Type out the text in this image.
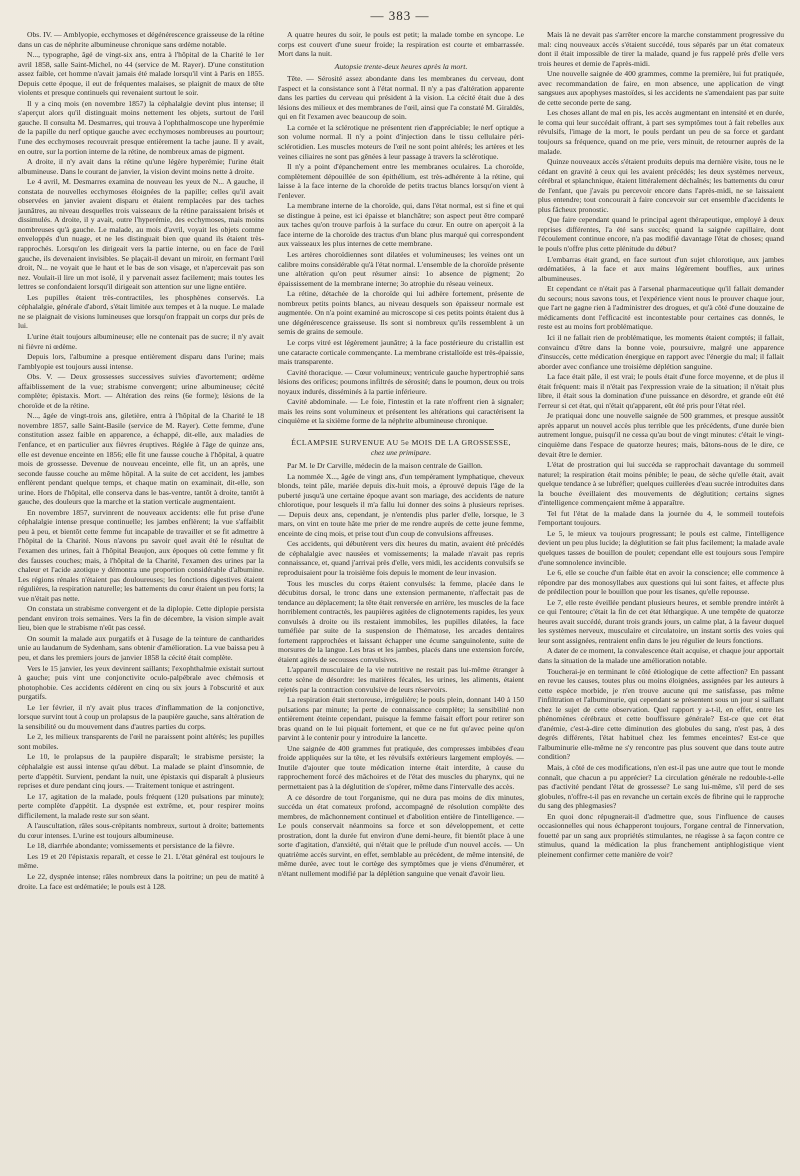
— 383 —

Obs. IV. — Amblyopie, ecchymoses et dégénérescence graisseuse de la rétine dans un cas de néphrite albumineuse chronique sans œdème notable.

N..., typographe, âgé de vingt-six ans, entra à l'hôpital de la Charité le 1er avril 1858, salle Saint-Michel, no 44 (service de M. Rayer). D'une constitution assez faible, cet homme n'avait jamais été malade lorsqu'il vint à Paris en 1855. Depuis cette époque, il eut de fréquentes malaises, se plaignit de maux de tête violents et presque continuels qui revenaient surtout le soir.

Il y a cinq mois (en novembre 1857) la céphalalgie devint plus intense; il s'aperçut alors qu'il distinguait moins nettement les objets, surtout de l'œil gauche. Il consulta M. Desmarres, qui trouva à l'ophthalmoscope une hyperémie de la papille du nerf optique gauche avec ecchymoses nombreuses au pourtour; l'une des ecchymoses recouvrait presque entièrement la tache jaune. Il y avait, en outre, sur la portion interne de la rétine, de nombreux amas de pigment.

A droite, il n'y avait dans la rétine qu'une légère hyperémie; l'urine était albumineuse. Dans le courant de janvier, la vision devint moins nette à droite.

Le 4 avril, M. Desmarres examina de nouveau les yeux de N... A gauche, il constata de nouvelles ecchymoses éloignées de la papille; celles qu'il avait observées en janvier avaient disparu et étaient remplacées par des taches jaunâtres, au niveau desquelles trois vaisseaux de la rétine paraissaient brisés et dissimulés. A droite, il y avait, outre l'hyperémie, des ecchymoses, mais moins nombreuses qu'à gauche. Le malade, au mois d'avril, voyait les objets comme enveloppés d'un nuage, et ne les distinguait bien que quand ils étaient très-rapprochés. Lorsqu'on les dirigeait vers la partie interne, ou en face de l'œil gauche, ils devenaient invisibles. Se plaçait-il devant un miroir, en fermant l'œil droit, N... ne voyait que le haut et le bas de son visage, et n'apercevait pas son nez. Voulait-il lire un mot isolé, il y parvenait assez facilement; mais toutes les lettres se confondaient lorsqu'il dirigeait son attention sur une ligne entière.

Les pupilles étaient très-contractiles, les phosphènes conservés. La céphalalgie, générale d'abord, s'était limitée aux tempes et à la nuque. Le malade ne se plaignait de visions lumineuses que lorsqu'on frappait un corps dur près de lui.

L'urine était toujours albumineuse; elle ne contenait pas de sucre; il n'y avait ni fièvre ni œdème.

Depuis lors, l'albumine a presque entièrement disparu dans l'urine; mais l'amblyopie est toujours aussi intense.

Obs. V. — Deux grossesses successives suivies d'avortement; œdème affaiblissement de la vue; strabisme convergent; urine albumineuse; cécité complète; épistaxis. Mort. — Altération des reins (6e forme); lésions de la choroïde et de la rétine.

N..., âgée de vingt-trois ans, giletière, entra à l'hôpital de la Charité le 18 novembre 1857, salle Saint-Basile (service de M. Rayer). Cette femme, d'une constitution assez faible en apparence, a échappé, dit-elle, aux maladies de l'enfance, et en particulier aux fièvres éruptives. Réglée à l'âge de quinze ans, elle est devenue enceinte en 1856; elle fit une fausse couche à l'hôpital, à quatre mois de grossesse. Devenue de nouveau enceinte, elle fit, un an après, une seconde fausse couche au même hôpital. A la suite de cet accident, les jambes enflèrent pendant quelque temps, et chaque matin on examinait, dit-elle, son urine. Hors de l'hôpital, elle conserva dans le bas-ventre, tantôt à droite, tantôt à gauche, des douleurs que la marche et la station verticale augmentaient.

En novembre 1857, survinrent de nouveaux accidents: elle fut prise d'une céphalalgie intense presque continuelle; les jambes enflèrent; la vue s'affaiblit peu à peu, et bientôt cette femme fut incapable de travailler et se fit admettre à l'hôpital de la Charité. Nous n'avons pu savoir quel avait été le résultat de l'examen des urines, fait à l'hôpital Beaujon, aux époques où cette femme y fit des fausses couches; mais, à l'hôpital de la Charité, l'examen des urines par la chaleur et l'acide azotique y démontra une proportion considérable d'albumine. Les régions rénales n'étaient pas douloureuses; les fonctions digestives étaient régulières, la respiration naturelle; les battements du cœur étaient un peu forts; la vue n'était pas nette.

On constata un strabisme convergent et de la diplopie. Cette diplopie persista pendant environ trois semaines. Vers la fin de décembre, la vision simple avait lieu, bien que le strabisme n'eût pas cessé.

On soumit la malade aux purgatifs et à l'usage de la teinture de cantharides unie au laudanum de Sydenham, sans obtenir d'amélioration. La vue baissa peu à peu, et dans les premiers jours de janvier 1858 la cécité était complète.

Vers le 15 janvier, les yeux devinrent saillants; l'exophthalmie existait surtout à gauche; puis vint une conjonctivite oculo-palpébrale avec chémosis et photophobie. Ces accidents cédèrent en cinq ou six jours à l'obscurité et aux purgatifs.

Le 1er février, il n'y avait plus traces d'inflammation de la conjonctive, lorsque survint tout à coup un prolapsus de la paupière gauche, sans altération de la sensibilité ou du mouvement dans d'autres parties du corps.

Le 2, les milieux transparents de l'œil ne paraissent point altérés; les pupilles sont mobiles.

Le 10, le prolapsus de la paupière disparaît; le strabisme persiste; la céphalalgie est aussi intense qu'au début. La malade se plaint d'insomnie, de perte d'appétit. Survient, pendant la nuit, une épistaxis qui disparaît à plusieurs reprises et dure pendant cinq jours. — Traitement tonique et astringent.

Le 17, agitation de la malade, pouls fréquent (120 pulsations par minute); perte complète d'appétit. La dyspnée est extrême, et, pour respirer moins difficilement, la malade reste sur son séant.

A l'auscultation, râles sous-crépitants nombreux, surtout à droite; battements du cœur intenses. L'urine est toujours albumineuse.

Le 18, diarrhée abondante; vomissements et persistance de la fièvre.

Les 19 et 20 l'épistaxis reparaît, et cesse le 21. L'état général est toujours le même.

Le 22, dyspnée intense; râles nombreux dans la poitrine; un peu de matité à droite. La face est œdématiée; le pouls est à 128.

A quatre heures du soir, le pouls est petit; la malade tombe en syncope. Le corps est couvert d'une sueur froide; la respiration est courte et embarrassée. Mort dans la nuit.

Autopsie trente-deux heures après la mort.

Tête. — Sérosité assez abondante dans les membranes du cerveau, dont l'aspect et la consistance sont à l'état normal. Il n'y a pas d'altération apparente dans les parties du cerveau qui président à la vision. La cécité était due à des lésions des milieux et des membranes de l'œil, ainsi que l'a constaté M. Giraldès, qui en fit l'examen avec beaucoup de soin.

La cornée et la sclérotique ne présentent rien d'appréciable; le nerf optique a son volume normal. Il n'y a point d'injection dans le tissu cellulaire péri-sclérotidien. Les muscles moteurs de l'œil ne sont point altérés; les artères et les veines ciliaires ne sont pas gênées à leur passage à travers la sclérotique.

Il n'y a point d'épanchement entre les membranes oculaires. La choroïde, complètement dépouillée de son épithélium, est très-adhérente à la rétine, qui laisse à la face interne de la choroïde de petits tractus blancs lorsqu'on vient à l'enlever.

La membrane interne de la choroïde, qui, dans l'état normal, est si fine et qui se distingue à peine, est ici épaisse et blanchâtre; son aspect peut être comparé aux taches qu'on trouve parfois à la surface du cœur. En outre on aperçoit à la face interne de la choroïde des tractus d'un blanc plus marqué qui correspondent aux vaisseaux les plus internes de cette membrane.

Les artères choroïdiennes sont dilatées et volumineuses; les veines ont un calibre moins considérable qu'à l'état normal. L'ensemble de la choroïde présente une altération qu'on peut résumer ainsi: 1o absence de pigment; 2o épaississement de la membrane interne; 3o atrophie du réseau veineux.

La rétine, détachée de la choroïde qui lui adhère fortement, présente de nombreux petits points blancs, au niveau desquels son épaisseur normale est augmentée. On n'a point examiné au microscope si ces petits points étaient dus à une dégénérescence graisseuse. Ils sont si nombreux qu'ils ressemblent à un semis de grains de semoule.

Le corps vitré est légèrement jaunâtre; à la face postérieure du cristallin est une cataracte corticale commençante. La membrane cristalloïde est très-épaissie, mais transparente.

Cavité thoracique. — Cœur volumineux; ventricule gauche hypertrophié sans lésions des orifices; poumons infiltrés de sérosité; dans le poumon, deux ou trois noyaux indurés, disséminés à la partie inférieure.

Cavité abdominale. — Le foie, l'intestin et la rate n'offrent rien à signaler; mais les reins sont volumineux et présentent les altérations qui caractérisent la cinquième et la sixième forme de la néphrite albumineuse chronique.

ÉCLAMPSIE SURVENUE AU 5e MOIS DE LA GROSSESSE,
chez une primipare.

Par M. le Dr Carville, médecin de la maison centrale de Gaillon.

La nommée X..., âgée de vingt ans, d'un tempérament lymphatique, cheveux blonds, teint pâle, mariée depuis dix-huit mois, a éprouvé depuis l'âge de la puberté jusqu'à une certaine époque avant son mariage, des accidents de nature chlorotique, pour lesquels il m'a fallu lui donner des soins à plusieurs reprises. — Depuis deux ans, cependant, je n'entendis plus parler d'elle, lorsque, le 3 mars, on vint en toute hâte me prier de me rendre auprès de cette jeune femme, enceinte de cinq mois, et prise tout d'un coup de convulsions affreuses.

Ces accidents, qui débutèrent vers dix heures du matin, avaient été précédés de céphalalgie avec nausées et vomissements; la malade n'avait pas repris connaissance, et, quand j'arrivai près d'elle, vers midi, les accidents convulsifs se reproduisaient pour la troisième fois depuis le moment de leur invasion.

Tous les muscles du corps étaient convulsés: la femme, placée dans le décubitus dorsal, le tronc dans une extension permanente, n'affectait pas de tendance au déplacement; la tête était renversée en arrière, les muscles de la face horriblement contractés, les paupières agitées de clignotements rapides, les yeux convulsés à droite ou ils restaient immobiles, les pupilles dilatées, la face tuméfiée par suite de la suspension de l'hématose, les arcades dentaires fortement rapprochées et laissant échapper une écume sanguinolente, suite de morsures de la langue. Les bras et les jambes, placés dans une extension forcée, étaient agités de secousses convulsives.

L'appareil musculaire de la vie nutritive ne restait pas lui-même étranger à cette scène de désordre: les matières fécales, les urines, les aliments, étaient rejetés par la contraction convulsive de leurs réservoirs.

La respiration était stertoreuse, irrégulière; le pouls plein, donnant 140 à 150 pulsations par minute; la perte de connaissance complète; la sensibilité non entièrement éteinte cependant, puisque la femme faisait effort pour retirer son bras quand on le lui piquait fortement, et que ce ne fut qu'avec peine qu'on parvint à le contenir pour y introduire la lancette.

Une saignée de 400 grammes fut pratiquée, des compresses imbibées d'eau froide appliquées sur la tête, et les révulsifs extérieurs largement employés. — Inutile d'ajouter que toute médication interne était interdite, à cause du rapprochement forcé des mâchoires et de l'état des muscles du pharynx, qui ne permettaient pas à la déglutition de s'opérer, même dans l'intervalle des accès.

A ce désordre de tout l'organisme, qui ne dura pas moins de dix minutes, succéda un état comateux profond, accompagné de résolution complète des membres, de mâchonnement continuel et d'abolition entière de l'intelligence. — Le pouls conservait néanmoins sa force et son développement, et cette prostration, dont la durée fut environ d'une demi-heure, fit bientôt place à une sorte d'agitation, d'anxiété, qui n'était que le prélude d'un nouvel accès. — Un quatrième accès survint, en effet, semblable au précédent, de même intensité, de même durée, avec tout le cortège des symptômes que je viens d'énumérer, et n'étant nullement modifié par la déplétion sanguine que venait d'avoir lieu.

Mais là ne devait pas s'arrêter encore la marche constamment progressive du mal: cinq nouveaux accès s'étaient succédé, tous séparés par un état comateux dont il était impossible de tirer la malade, quand je fus rappelé près d'elle vers trois heures et demie de l'après-midi.

Une nouvelle saignée de 400 grammes, comme la première, lui fut pratiquée, avec recommandation de faire, en mon absence, une application de vingt sangsues aux apophyses mastoïdes, si les accidents ne s'amendaient pas par suite de cette seconde perte de sang.

Les choses allant de mal en pis, les accès augmentant en intensité et en durée, le coma qui leur succédait offrant, à part ses symptômes tout à fait rebelles aux révulsifs, l'image de la mort, le pouls perdant un peu de sa force et gardant toujours sa fréquence, quand on me prie, vers minuit, de retourner auprès de la malade.

Quinze nouveaux accès s'étaient produits depuis ma dernière visite, tous ne le cédant en gravité à ceux qui les avaient précédés; les deux systèmes nerveux, cérébral et splanchnique, étaient littéralement déchaînés; les battements du cœur de l'enfant, que j'avais pu percevoir encore dans l'après-midi, ne se laissaient plus entendre; tout concourait à faire concevoir sur cet ensemble d'accidents le plus fâcheux pronostic.

Que faire cependant quand le principal agent thérapeutique, employé à deux reprises différentes, l'a été sans succès; quand la saignée capillaire, dont l'écoulement continue encore, n'a pas modifié davantage l'état de choses; quand le pouls n'offre plus cette plénitude du début?

L'embarras était grand, en face surtout d'un sujet chlorotique, aux jambes œdématiées, à la face et aux mains légèrement bouffies, aux urines albumineuses.

Et cependant ce n'était pas à l'arsenal pharmaceutique qu'il fallait demander du secours; nous savons tous, et l'expérience vient nous le prouver chaque jour, que l'art ne gagne rien à l'administrer des drogues, et qu'à côté d'une douzaine de médicaments dont l'efficacité est incontestable pour certaines cas donnés, le reste est au moins fort problématique.

Ici il ne fallait rien de problématique, les moments étaient comptés; il fallait, convaincu d'être dans la bonne voie, poursuivre, malgré une apparence d'insuccès, cette médication énergique en rapport avec l'énergie du mal; il fallait aborder avec confiance une troisième déplétion sanguine.

La face était pâle, il est vrai; le pouls était d'une force moyenne, et de plus il était fréquent: mais il n'était pas l'expression vraie de la situation; il n'était plus libre, il était sous la domination d'une puissance en désordre, et grande eût été l'erreur si cet état, qui n'était qu'apparent, eût été pris pour l'état réel.

Je pratiquai donc une nouvelle saignée de 500 grammes, et presque aussitôt après apparut un nouvel accès plus terrible que les précédents, d'une durée bien autrement longue, puisqu'il ne cessa qu'au bout de vingt minutes: c'était le vingt-cinquième dans l'espace de quatorze heures; mais, bâtons-nous de le dire, ce devait être le dernier.

L'état de prostration qui lui succéda se rapprochait davantage du sommeil naturel; la respiration était moins pénible; le peau, de sèche qu'elle était, avait quelque tendance à se lubréfier; quelques cuillerées d'eau sucrée introduites dans la bouche éveillaient des mouvements de déglutition; certains signes d'intelligence commençaient même à apparaître.

Tel fut l'état de la malade dans la journée du 4, le sommeil toutefois l'emportant toujours.

Le 5, le mieux va toujours progressant; le pouls est calme, l'intelligence devient un peu plus lucide; la déglutition se fait plus facilement; la malade avale quelques tasses de bouillon de poulet; cependant elle est toujours sous l'empire d'une somnolence invincible.

Le 6, elle se couche d'un faible état en avoir la conscience; elle commence à répondre par des monosyllabes aux questions qui lui sont faites, et affecte plus de prédilection pour le bouillon que pour les tisanes, qu'elle repousse.

Le 7, elle reste éveillée pendant plusieurs heures, et semble prendre intérêt à ce qui l'entoure; c'était la fin de cet état léthargique. A une tempête de quatorze heures avait succédé, durant trois grands jours, un calme plat, à la faveur duquel les systèmes nerveux, musculaire et circulatoire, un instant sortis des voies qui leur sont assignées, rentraient enfin dans le jeu régulier de leurs fonctions.

A dater de ce moment, la convalescence était acquise, et chaque jour apportait dans la situation de la malade une amélioration notable.

Toucherai-je en terminant le côté étiologique de cette affection? En passant en revue les causes, toutes plus ou moins éloignées, assignées par les auteurs à cette espèce morbide, je n'en trouve aucune qui me satisfasse, pas même l'infiltration et l'albuminurie, qui cependant se présentent sous un jour si saillant chez le sujet de cette observation. Quel rapport y a-t-il, en effet, entre les phénomènes cérébraux et cette bouffissure générale? Est-ce que cet état d'anémie, c'est-à-dire cette diminution des globules du sang, n'est pas, à des degrés différents, l'état habituel chez les femmes enceintes? Est-ce que l'albuminurie elle-même ne s'y rencontre pas plus souvent que dans toute autre condition?

Mais, à côté de ces modifications, n'en est-il pas une autre que tout le monde connaît, que chacun a pu apprécier? La circulation générale ne redouble-t-elle pas d'activité pendant l'état de grossesse? Le sang lui-même, s'il perd de ses globules, n'offre-t-il pas en revanche un certain excès de fibrine qui le rapproche du sang des phlegmasies?

En quoi donc répugnerait-il d'admettre que, sous l'influence de causes occasionnelles qui nous échapperont toujours, l'organe central de l'innervation, fouetté par un sang aux propriétés stimulantes, ne réagisse à sa façon contre ce stimulus, quand la médication la plus franchement antiphlogistique vient pleinement confirmer cette manière de voir?
